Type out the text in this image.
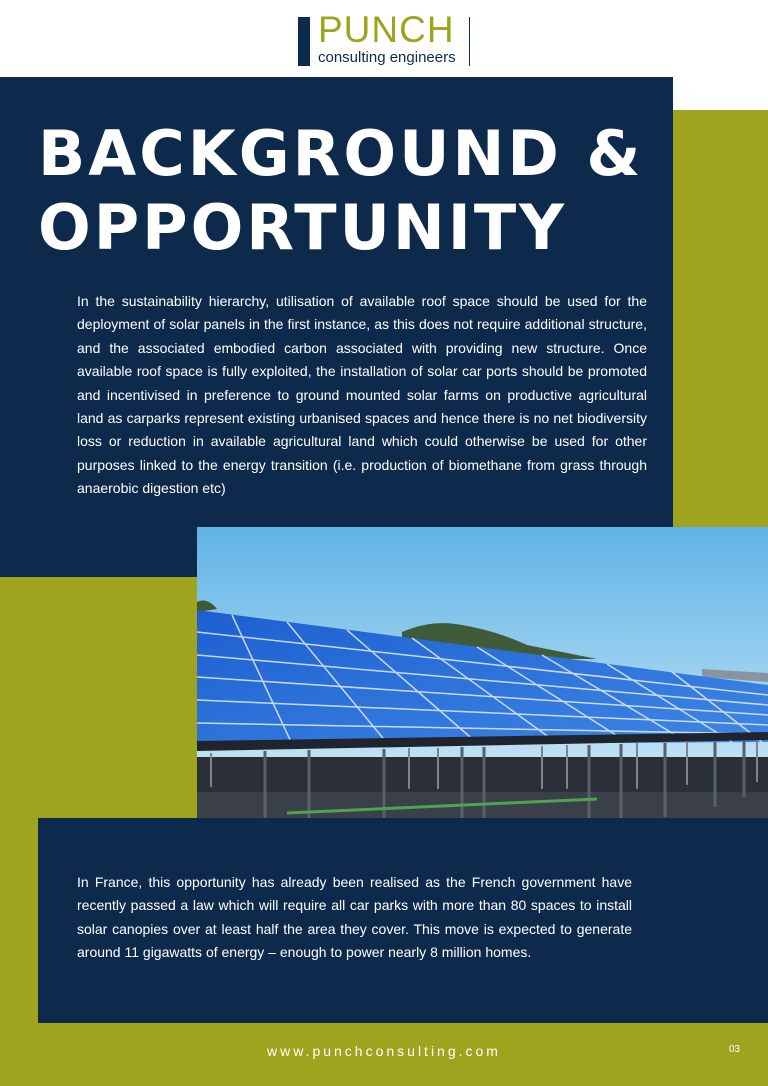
PUNCH
consulting engineers
BACKGROUND &
OPPORTUNITY

In the sustainability hierarchy, utilisation of available roof space should be used for the deployment of solar panels in the first instance, as this does not require additional structure, and the associated embodied carbon associated with providing new structure. Once available roof space is fully exploited, the installation of solar car ports should be promoted and incentivised in preference to ground mounted solar farms on productive agricultural land as carparks represent existing urbanised spaces and hence there is no net biodiversity loss or reduction in available agricultural land which could otherwise be used for other purposes linked to the energy transition (i.e. production of biomethane from grass through anaerobic digestion etc)

In France, this opportunity has already been realised as the French government have recently passed a law which will require all car parks with more than 80 spaces to install solar canopies over at least half the area they cover. This move is expected to generate around 11 gigawatts of energy – enough to power nearly 8 million homes.

www.punchconsulting.com	03
